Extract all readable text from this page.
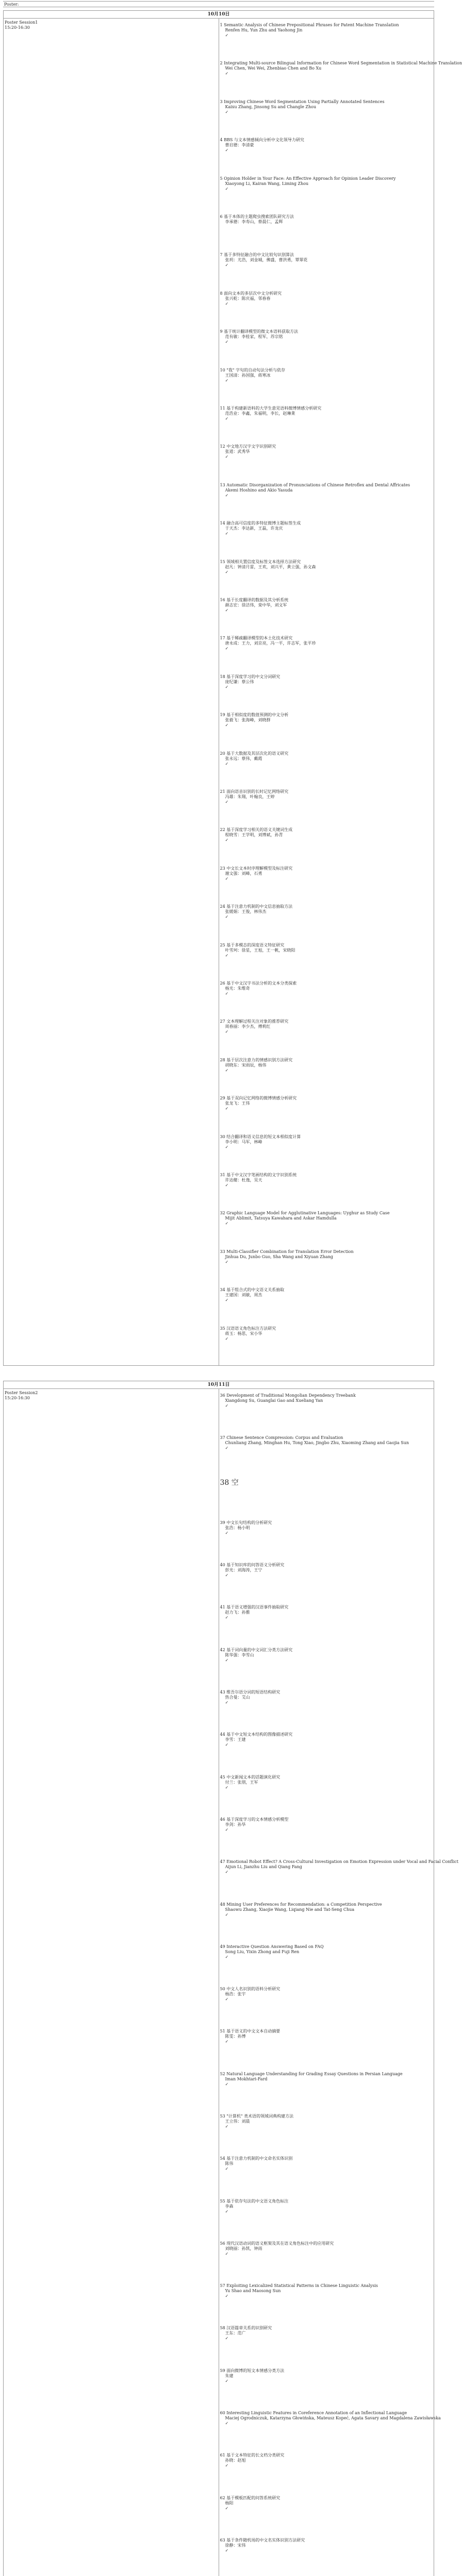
Poster:
10月10日

Poster Session1
15:20-16:30

1 Semantic Analysis of Chinese Prepositional Phrases for Patent Machine Translation
Renfen Hu, Yun Zhu and Yaohong Jin
✓
2 Integrating Multi-source Bilingual Information for Chinese Word Segmentation in Statistical Machine Translation
Wei Chen, Wei Wei, Zhenbiao Chen and Bo Xu
✓
3 Improving Chinese Word Segmentation Using Partially Annotated Sentences
Kaixu Zhang, Jinsong Su and Changle Zhou
✓
4 BBS 与文本情感倾向分析中文化领导力研究
曹启德：李清豪
✓
5 Opinion Holder in Your Face: An Effective Approach for Opinion Leader Discovery
Xiaoyong Li, Kairan Wang, Liming Zhou
✓
6 基于本体的主题爬虫搜索团队研究方法
李承德：李寿山，蔡晨仁，孟辉
7 基于多特征融合的中文比较句识别算法
张玥：尤浩，刘金城，佛盛，曹洪勇，覃翠花
✓
8 面向文本的多层次中文分析研究
张兴乾：陈庆福，邻春春
✓
9 基于统计翻译模型的微文本语料获取方法
范有敏：李桂家，程军，苏宗铭
✓
10 "我" 字句的自动句法分析与依存
王国清：孙国强，蒋寒冰
✓
11 基于构建新语料的大学生意见语料微博情感分析研究
范浩业：李鑫，朱福明，李长，赵琳莱
✓
12 中文地方汉字文字识别研究
张道：武秀华
✓
13 Automatic Disorganization of Pronunciations of Chinese Retroflex and Dental Affricates
Akemi Hoshino and Akio Yasuda
✓
14 融合高可信度的多特征微博主题标签生成
于天杰：李达新，王磊，许龙庆
✓
15 领域相关置信度及标签文本选择方法研究
赵凡：钟清月雷，王欢，刘兴平，黄立强，孙文森
✓
16 基于长度翻译的数据及其分析系统
颜志宏：徐洁伟，栾中华，刘文军
✓
17 基于稀疏翻译模型的本土化技术研究
唐永成：王力，刘京亮，冯一平，许志军，张平珍
✓
18 基于深度学习的中文分词研究
庞纪谦：蔡公伟
✓
19 基于相似度的数值预测的中文分析
张毅飞：张海峰，刘晓群
✓
20 基于大数据及其层次化的语义研究
张永远：蔡伟，戴霞
✓
21 面向语音识别的长时记忆网络研究
冯雄：朱翔，叶翰良，王婷
✓
22 基于深度学习相关的语义关键词生成
程晓雪：王学明，刘博斌，孙青
✓
23 中文长文本时序理解模型及标注研究
谢文强：刘峰，石勇
✓
24 基于注意力机制的中文信息抽取方法
张媛娟：王俊，林伟杰
✓
25 基于多模态的深度语义特征研究
叶雪珂：徐星，王旭，王一帆，宋晓阳
✓
26 基于中文汉字书法分析的文本分类探索
杨光：朱维奇
✓
27 文本理解过程关注对象的推荐研究
周春丽：李少杰，傅莉红
✓
28 基于层次注意力的情感识别方法研究
胡晓东：宋雨辰，杨伟
✓
29 基于双向记忆网络的微博情感分析研究
张龙飞：王伟
✓
30 结合翻译和语义信息的短文本相似度计算
李小明：马军，林峰
✓
31 基于中文汉字笔画结构的文字识别系统
许达健：杜逸，吴天
✓
32 Graphic Language Model for Agglutinative Languages: Uyghur as Study Case
Mijit Ablimit, Tatsuya Kawahara and Askar Hamdulla
✓
33 Multi-Classifier Combination for Translation Error Detection
Jinhua Du, Junbo Guo, Sha Wang and Xiyuan Zhang
✓
34 基于组合式的中文语义关系抽取
王建国：刘敏，周杰
✓
35 汉语语义角色标注方法研究
蒋玉：杨思，宋小华
✓
10月11日

Poster Session2
15:20-16:30

36 Development of Traditional Mongolian Dependency Treebank
Xiangdong Su, Guanglai Gao and Xueliang Yan
✓
37 Chinese Sentence Compression: Corpus and Evaluation
Chunliang Zhang, Minghan Hu, Tong Xiao, Jingbo Zhu, Xiaoming Zhang and Gaojia Sun
✓
38 空
39 中文长句结构的分析研究
张浩：杨小明
✓
40 基于知识库的问答语义分析研究
彭光：刘海涛，王宁
✓
41 基于语义增强的汉语事件抽取研究
赵力飞：孙雅
✓
42 基于词向量的中文词汇分类方法研究
陈华强：李雪山
✓
43 维吾尔语分词的短语结构研究
热合曼：艾山
✓
44 基于中文短文本结构的图像描述研究
李雪：王建
✓
45 中文新闻文本的话题演化研究
付兰：张朋，王军
✓
46 基于深度学习的文本情感分析模型
李剑：孙华
✓
47 Emotional Robot Effect? A Cross-Cultural Investigation on Emotion Expression under Vocal and Facial Conflict
Aijun Li, Jianzhu Liu and Qiang Fang
✓
48 Mining User Preferences for Recommendation: a Competition Perspective
Shaowu Zhang, Xiaojie Wang, Liqiang Nie and Tat-Seng Chua
✓
49 Interactive Question Answering Based on FAQ
Song Liu, Yixin Zhong and Fuji Ren
✓
50 中文人名识别的语料分析研究
杨浩：张宇
✓
51 基于语义的中文文本自动摘要
陈雯：孙博
✓
52 Natural Language Understanding for Grading Essay Questions in Persian Language
Iman Mokhtari-Fard
✓
53 "计算机" 类术语的领域词典构建方法
王立伟：刘晨
✓
54 基于注意力机制的中文命名实体识别
陈伟
✓
55 基于依存句法的中文语义角色标注
李森
✓
56 现代汉语动词的语义框架及其在语义角色标注中的应用研究
刘晓丽：孙凯，钟雨
✓
57 Exploiting Lexicalized Statistical Patterns in Chinese Linguistic Analysis
Yu Shao and Maosong Sun
✓
58 汉语篇章关系的识别研究
王东：范广
✓
59 面向微博的短文本情感分类方法
朱建
✓
60 Interesting Linguistic Features in Coreference Annotation of an Inflectional Language
Maciej Ogrodniczuk, Katarzyna Głowińska, Mateusz Kopeć, Agata Savary and Magdalena Zawisławska
✓
61 基于文本特征的长文档分类研究
孙晓：赵旭
✓
62 基于模板匹配的问答系统研究
杨阳
✓
63 基于条件随机场的中文名实体识别方法研究
徐静：宋伟
✓
